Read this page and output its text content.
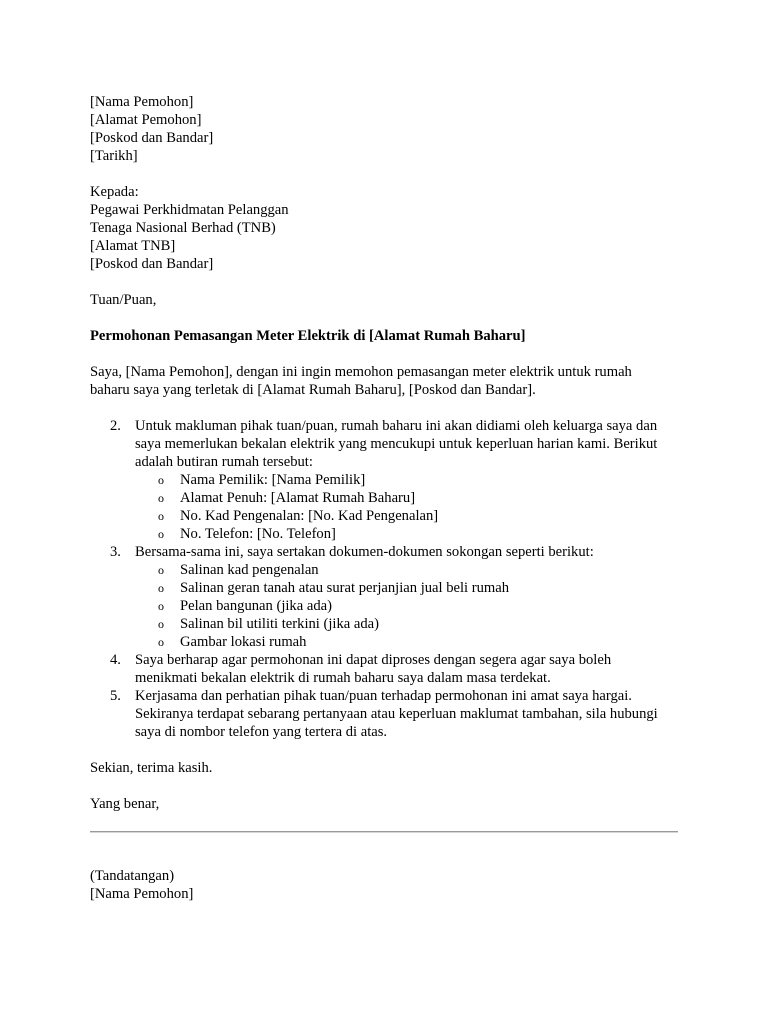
[Nama Pemohon]
[Alamat Pemohon]
[Poskod dan Bandar]
[Tarikh]
Kepada:
Pegawai Perkhidmatan Pelanggan
Tenaga Nasional Berhad (TNB)
[Alamat TNB]
[Poskod dan Bandar]
Tuan/Puan,
Permohonan Pemasangan Meter Elektrik di [Alamat Rumah Baharu]
Saya, [Nama Pemohon], dengan ini ingin memohon pemasangan meter elektrik untuk rumah
baharu saya yang terletak di [Alamat Rumah Baharu], [Poskod dan Bandar].
2. Untuk makluman pihak tuan/puan, rumah baharu ini akan didiami oleh keluarga saya dan
saya memerlukan bekalan elektrik yang mencukupi untuk keperluan harian kami. Berikut
adalah butiran rumah tersebut:
o Nama Pemilik: [Nama Pemilik]
o Alamat Penuh: [Alamat Rumah Baharu]
o No. Kad Pengenalan: [No. Kad Pengenalan]
o No. Telefon: [No. Telefon]
3. Bersama-sama ini, saya sertakan dokumen-dokumen sokongan seperti berikut:
o Salinan kad pengenalan
o Salinan geran tanah atau surat perjanjian jual beli rumah
o Pelan bangunan (jika ada)
o Salinan bil utiliti terkini (jika ada)
o Gambar lokasi rumah
4. Saya berharap agar permohonan ini dapat diproses dengan segera agar saya boleh
menikmati bekalan elektrik di rumah baharu saya dalam masa terdekat.
5. Kerjasama dan perhatian pihak tuan/puan terhadap permohonan ini amat saya hargai.
Sekiranya terdapat sebarang pertanyaan atau keperluan maklumat tambahan, sila hubungi
saya di nombor telefon yang tertera di atas.
Sekian, terima kasih.
Yang benar,
(Tandatangan)
[Nama Pemohon]
